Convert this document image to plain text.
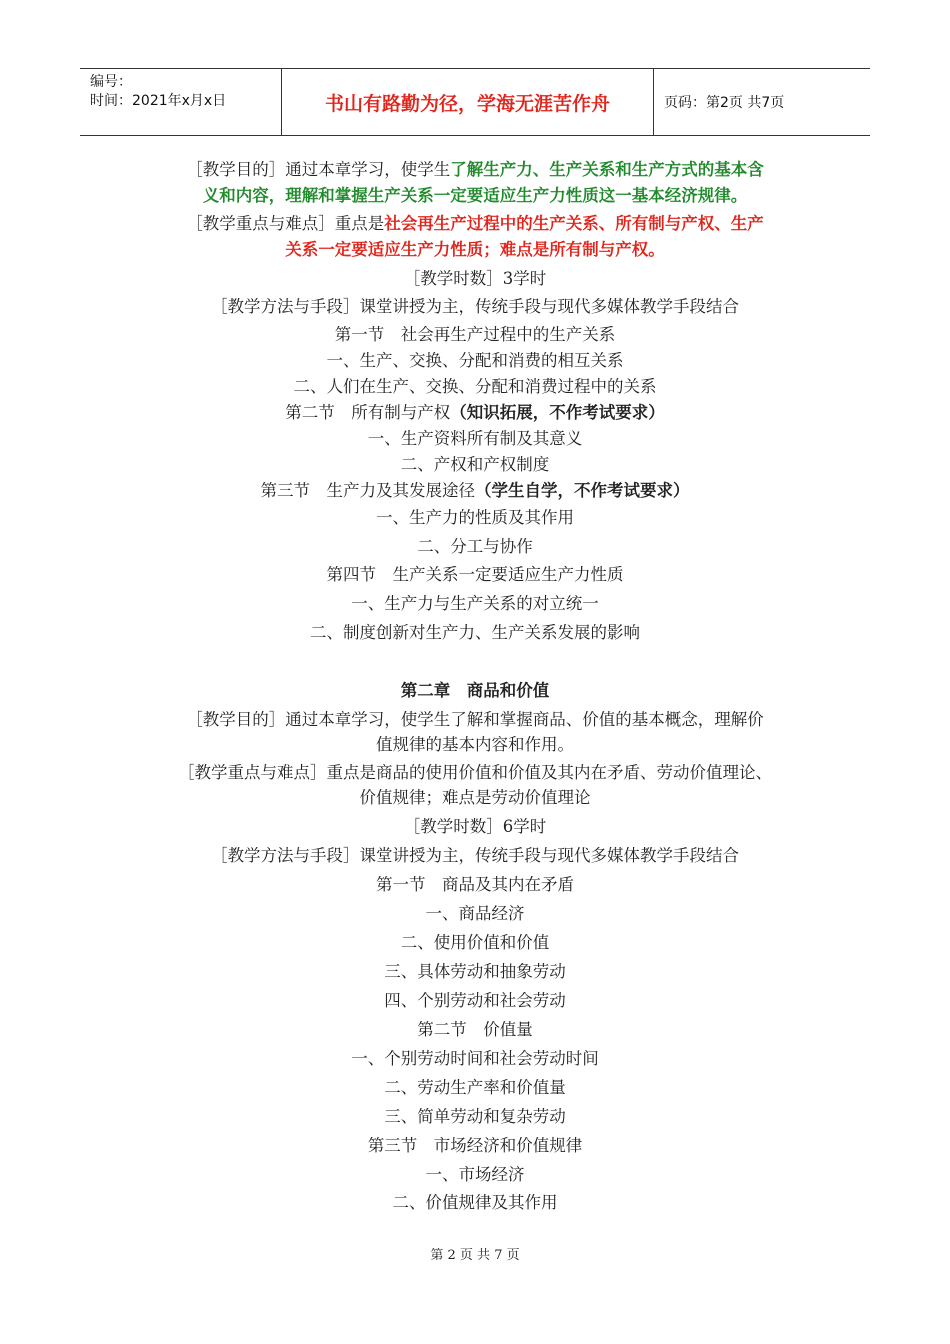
编号：
时间：2021年x月x日	书山有路勤为径，学海无涯苦作舟	页码：第2页 共7页
［教学目的］通过本章学习，使学生了解生产力、生产关系和生产方式的基本含
义和内容，理解和掌握生产关系一定要适应生产力性质这一基本经济规律。
［教学重点与难点］重点是社会再生产过程中的生产关系、所有制与产权、生产
关系一定要适应生产力性质；难点是所有制与产权。
［教学时数］3学时
［教学方法与手段］课堂讲授为主，传统手段与现代多媒体教学手段结合
第一节　社会再生产过程中的生产关系
一、生产、交换、分配和消费的相互关系
二、人们在生产、交换、分配和消费过程中的关系
第二节　所有制与产权（知识拓展，不作考试要求）
一、生产资料所有制及其意义
二、产权和产权制度
第三节　生产力及其发展途径（学生自学，不作考试要求）
一、生产力的性质及其作用
二、分工与协作
第四节　生产关系一定要适应生产力性质
一、生产力与生产关系的对立统一
二、制度创新对生产力、生产关系发展的影响
第二章　商品和价值
［教学目的］通过本章学习，使学生了解和掌握商品、价值的基本概念，理解价
值规律的基本内容和作用。
［教学重点与难点］重点是商品的使用价值和价值及其内在矛盾、劳动价值理论、
价值规律；难点是劳动价值理论
［教学时数］6学时
［教学方法与手段］课堂讲授为主，传统手段与现代多媒体教学手段结合
第一节　商品及其内在矛盾
一、商品经济
二、使用价值和价值
三、具体劳动和抽象劳动
四、个别劳动和社会劳动
第二节　价值量
一、个别劳动时间和社会劳动时间
二、劳动生产率和价值量
三、简单劳动和复杂劳动
第三节　市场经济和价值规律
一、市场经济
二、价值规律及其作用
第 2 页 共 7 页
